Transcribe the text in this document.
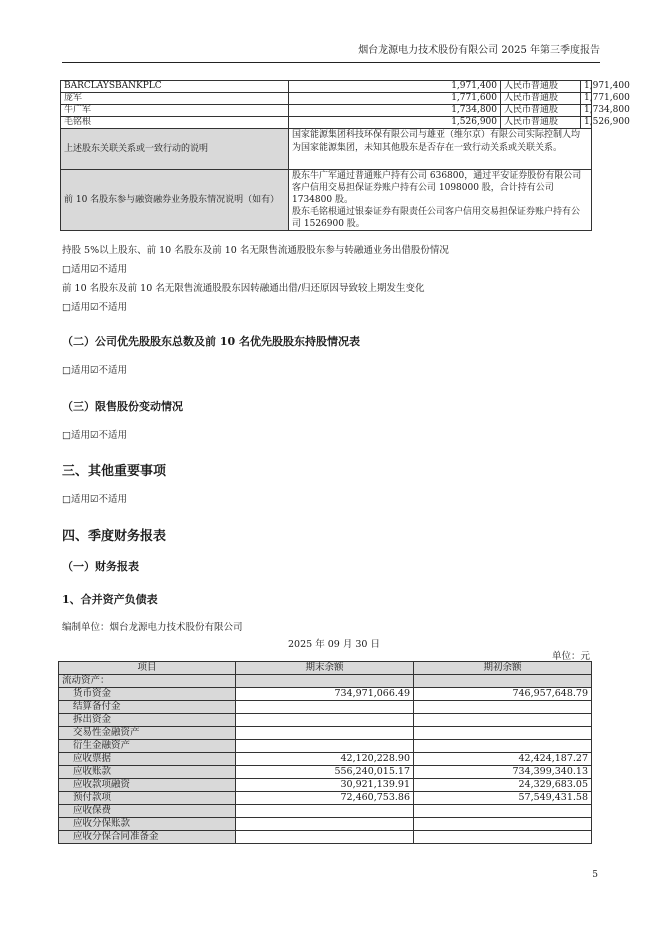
烟台龙源电力技术股份有限公司 2025 年第三季度报告
BARCLAYSBANKPLC	1,971,400	人民币普通股	1,971,400
庞军	1,771,600	人民币普通股	1,771,600
牛广军	1,734,800	人民币普通股	1,734,800
毛铭根	1,526,900	人民币普通股	1,526,900
上述股东关联关系或一致行动的说明	国家能源集团科技环保有限公司与雄亚（维尔京）有限公司实际控制人均为国家能源集团，未知其他股东是否存在一致行动关系或关联关系。		
前 10 名股东参与融资融券业务股东情况说明（如有）	股东牛广军通过普通账户持有公司 636800，通过平安证券股份有限公司客户信用交易担保证券账户持有公司 1098000 股，合计持有公司 1734800 股。
股东毛铭根通过银泰证券有限责任公司客户信用交易担保证券账户持有公司 1526900 股。		
持股 5%以上股东、前 10 名股东及前 10 名无限售流通股股东参与转融通业务出借股份情况
□适用☑不适用
前 10 名股东及前 10 名无限售流通股股东因转融通出借/归还原因导致较上期发生变化
□适用☑不适用
（二）公司优先股股东总数及前 10 名优先股股东持股情况表
□适用☑不适用
（三）限售股份变动情况
□适用☑不适用
三、其他重要事项
□适用☑不适用
四、季度财务报表
（一）财务报表
1、合并资产负债表
编制单位：烟台龙源电力技术股份有限公司
2025 年 09 月 30 日
单位：元
项目	期末余额	期初余额
流动资产：		
货币资金	734,971,066.49	746,957,648.79
结算备付金		
拆出资金		
交易性金融资产		
衍生金融资产		
应收票据	42,120,228.90	42,424,187.27
应收账款	556,240,015.17	734,399,340.13
应收款项融资	30,921,139.91	24,329,683.05
预付款项	72,460,753.86	57,549,431.58
应收保费		
应收分保账款		
应收分保合同准备金		
5
